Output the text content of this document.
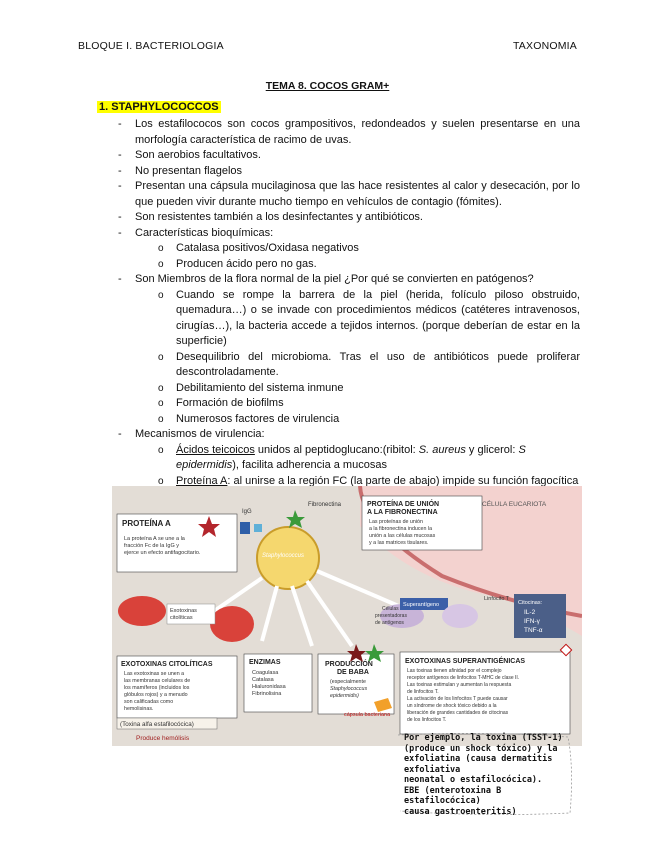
BLOQUE I. BACTERIOLOGIA	TAXONOMIA
TEMA 8. COCOS GRAM+
1. STAPHYLOCOCCOS
- Los estafilococos son cocos grampositivos, redondeados y suelen presentarse en una morfología característica de racimo de uvas.
- Son aerobios facultativos.
- No presentan flagelos
- Presentan una cápsula mucilaginosa que las hace resistentes al calor y desecación, por lo que pueden vivir durante mucho tiempo en vehículos de contagio (fómites).
- Son resistentes también a los desinfectantes y antibióticos.
- Características bioquímicas:
o Catalasa positivos/Oxidasa negativos
o Producen ácido pero no gas.
- Son Miembros de la flora normal de la piel ¿Por qué se convierten en patógenos?
o Cuando se rompe la barrera de la piel (herida, folículo piloso obstruido, quemadura…) o se invade con procedimientos médicos (catéteres intravenosos, cirugías…), la bacteria accede a tejidos internos. (porque deberían de estar en la superficie)
o Desequilibrio del microbioma. Tras el uso de antibióticos puede proliferar descontroladamente.
o Debilitamiento del sistema inmune
o Formación de biofilms
o Numerosos factores de virulencia
- Mecanismos de virulencia:
o Ácidos teicoicos unidos al peptidoglucano:(ribitol: S. aureus y glicerol: S epidermidis), facilita adherencia a mucosas
o Proteína A: al unirse a la región FC (la parte de abajo) impide su función fagocítica
CÉLULA EUCARIOTA
PROTEÍNA A
La proteína A se une a la
fracción Fc de la IgG y
ejerce un efecto antifagocitario.
IgG
Fibronectina	PROTEÍNA DE UNIÓN
A LA FIBRONECTINA
Las proteínas de unión
a la fibronectina inducen la
unión a las células mucosas
y a las matrices tisulares.
Staphylococcus
Exotoxinas
citolíticas
Superantígeno
Células
presentadoras
de antígenos
Linfocito T
Citocinas:
IL-2
IFN-γ
TNF-α
EXOTOXINAS CITOLÍTICAS
Las exotoxinas se unen a
las membranas celulares de
los mamíferos (incluidos los
glóbulos rojos) y a menudo
son calificadas como
hemolisinas.
(Toxina alfa estafilocócica)
Produce hemólisis
ENZIMAS
Coagulasa
Catalasa
Hialuronidasa
Fibrinolisina
PRODUCCIÓN
DE BABA
(especialmente
Staphylococcus
epidermidis)
cápsula bacteriana
EXOTOXINAS SUPERANTIGÉNICAS
Las toxinas tienen afinidad por el complejo
receptor antígenos de linfocitos T-MHC de clase II.
Las toxinas estimulan y aumentan la respuesta
de linfocitos T.
La activación de los linfocitos T puede causar
un síndrome de shock tóxico debido a la
liberación de grandes cantidades de citocinas
de los linfocitos T.
Por ejemplo, la toxina (TSST-1)
(produce un shock tóxico) y la
exfoliatina (causa dermatitis exfoliativa
neonatal o estafilocócica).
EBE (enterotoxina B estafilocócica)
causa gastroenteritis)
